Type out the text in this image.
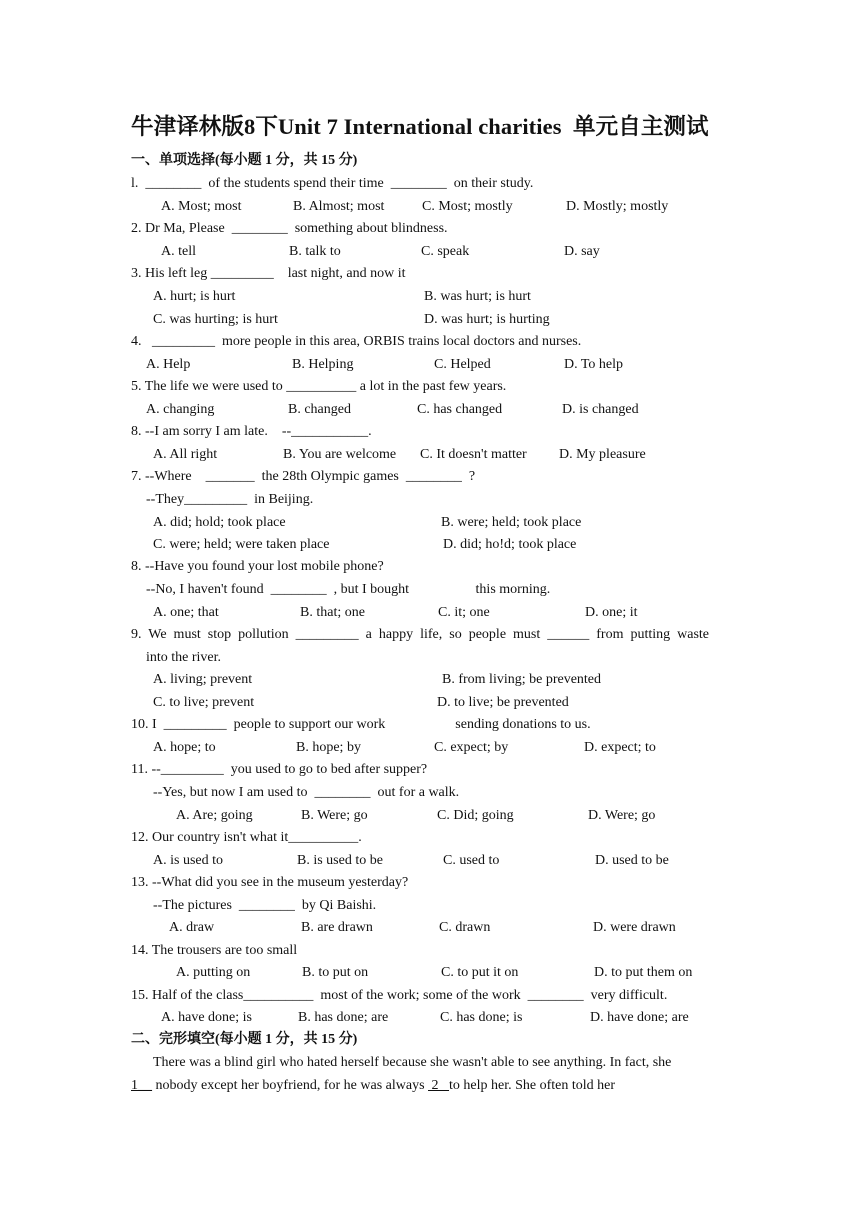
牛津译林版8下Unit 7 International charities  单元自主测试
一、单项选择(每小题 1 分，共 15 分)
l.  ________  of the students spend their time  ________  on their study.
A. Most; most	B. Almost; most	C. Most; mostly	D. Mostly; mostly
2. Dr Ma, Please  ________  something about blindness.
A. tell	B. talk to	C. speak	D. say
3. His left leg _________    last night, and now it
A. hurt; is hurt	B. was hurt; is hurt
C. was hurting; is hurt	D. was hurt; is hurting
4.   _________  more people in this area, ORBIS trains local doctors and nurses.
A. Help	B. Helping	C. Helped	D. To help
5. The life we were used to __________ a lot in the past few years.
A. changing	B. changed	C. has changed	D. is changed
8. --I am sorry I am late.    --___________.
A. All right	B. You are welcome C. It doesn't matter D. My pleasure
7. --Where    _______  the 28th Olympic games  ________  ?
--They_________  in Beijing.
A. did; hold; took place	B. were; held; took place
C. were; held; were taken place	D. did; ho!d; took place
8. --Have you found your lost mobile phone?
--No, I haven't found  ________  , but I bought                   this morning.
A. one; that	B. that; one	C. it; one	D. one; it
9.  We  must  stop  pollution  _________  a  happy  life,  so  people  must  ______  from  putting  waste
into the river.
A. living; prevent	B. from living; be prevented
C. to live; prevent	D. to live; be prevented
10. I  _________  people to support our work                    sending donations to us.
A. hope; to	B. hope; by	C. expect; by	D. expect; to
11. --_________  you used to go to bed after supper?
--Yes, but now I am used to  ________  out for a walk.
A. Are; going	B. Were; go	C. Did; going	D. Were; go
12. Our country isn't what it__________.
A. is used to	B. is used to be	C. used to	D. used to be
13. --What did you see in the museum yesterday?
--The pictures  ________  by Qi Baishi.
A. draw	B. are drawn	C. drawn	D. were drawn
14. The trousers are too small
A. putting on	B. to put on	C. to put it on	D. to put them on
15. Half of the class__________  most of the work; some of the work  ________  very difficult.
A. have done; is	B. has done; are	C. has done; is	D. have done; are
二、完形填空(每小题 1 分，共 15 分)
There was a blind girl who hated herself because she wasn't able to see anything. In fact, she
1__ nobody except her boyfriend, for he was always  2   to help her. She often told her
